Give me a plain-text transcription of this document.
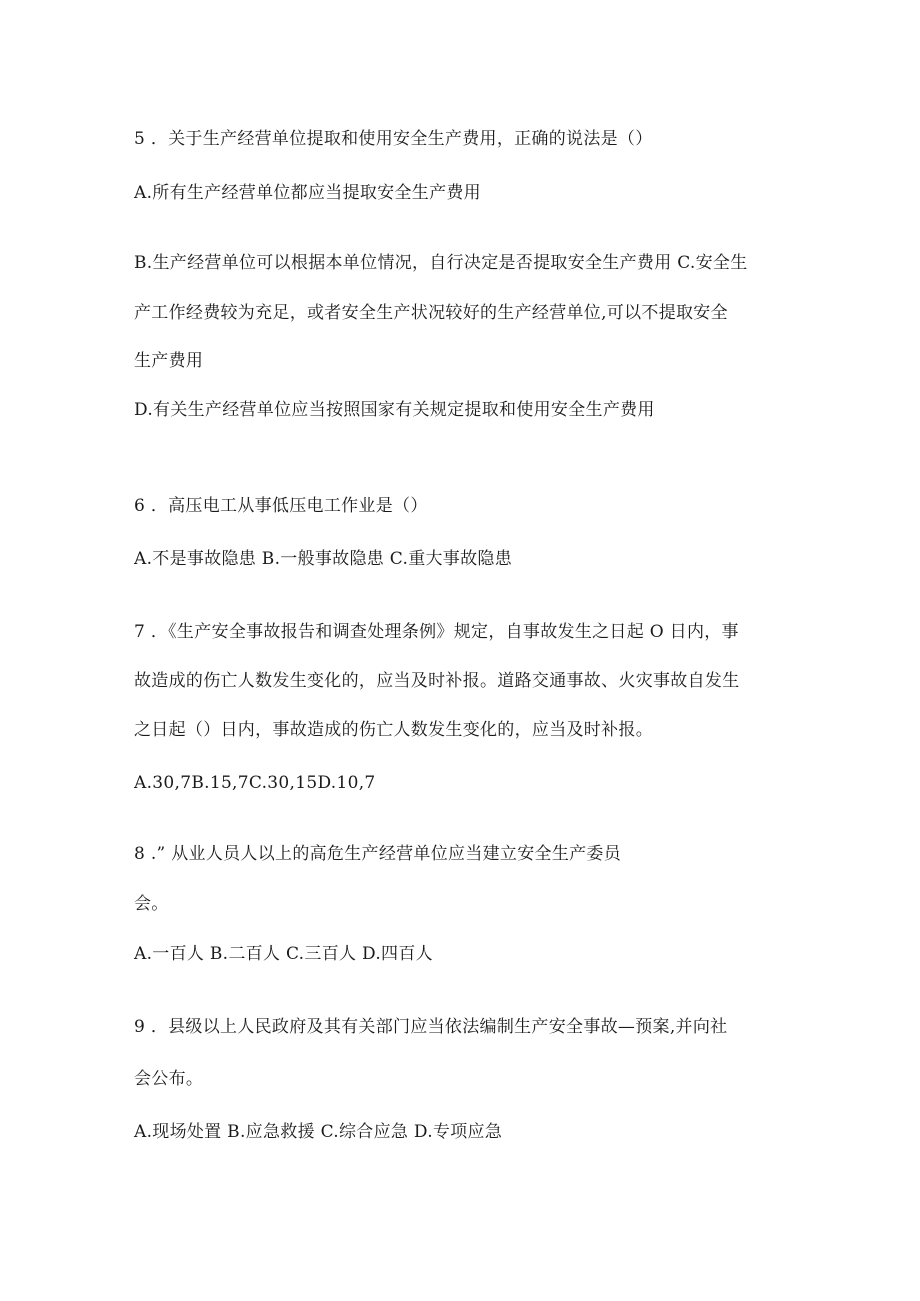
5 ．关于生产经营单位提取和使用安全生产费用，正确的说法是（）
A.所有生产经营单位都应当提取安全生产费用
B.生产经营单位可以根据本单位情况，自行决定是否提取安全生产费用 C.安全生
产工作经费较为充足，或者安全生产状况较好的生产经营单位,可以不提取安全
生产费用
D.有关生产经营单位应当按照国家有关规定提取和使用安全生产费用
6 ．高压电工从事低压电工作业是（）
A.不是事故隐患 B.一般事故隐患 C.重大事故隐患
7 ．《生产安全事故报告和调查处理条例》规定，自事故发生之日起 O 日内，事
故造成的伤亡人数发生变化的，应当及时补报。道路交通事故、火灾事故自发生
之日起（）日内，事故造成的伤亡人数发生变化的，应当及时补报。
A.30,7B.15,7C.30,15D.10,7
8 .” 从业人员人以上的高危生产经营单位应当建立安全生产委员
会。
A.一百人 B.二百人 C.三百人 D.四百人
9 ．县级以上人民政府及其有关部门应当依法编制生产安全事故—预案,并向社
会公布。
A.现场处置 B.应急救援 C.综合应急 D.专项应急
